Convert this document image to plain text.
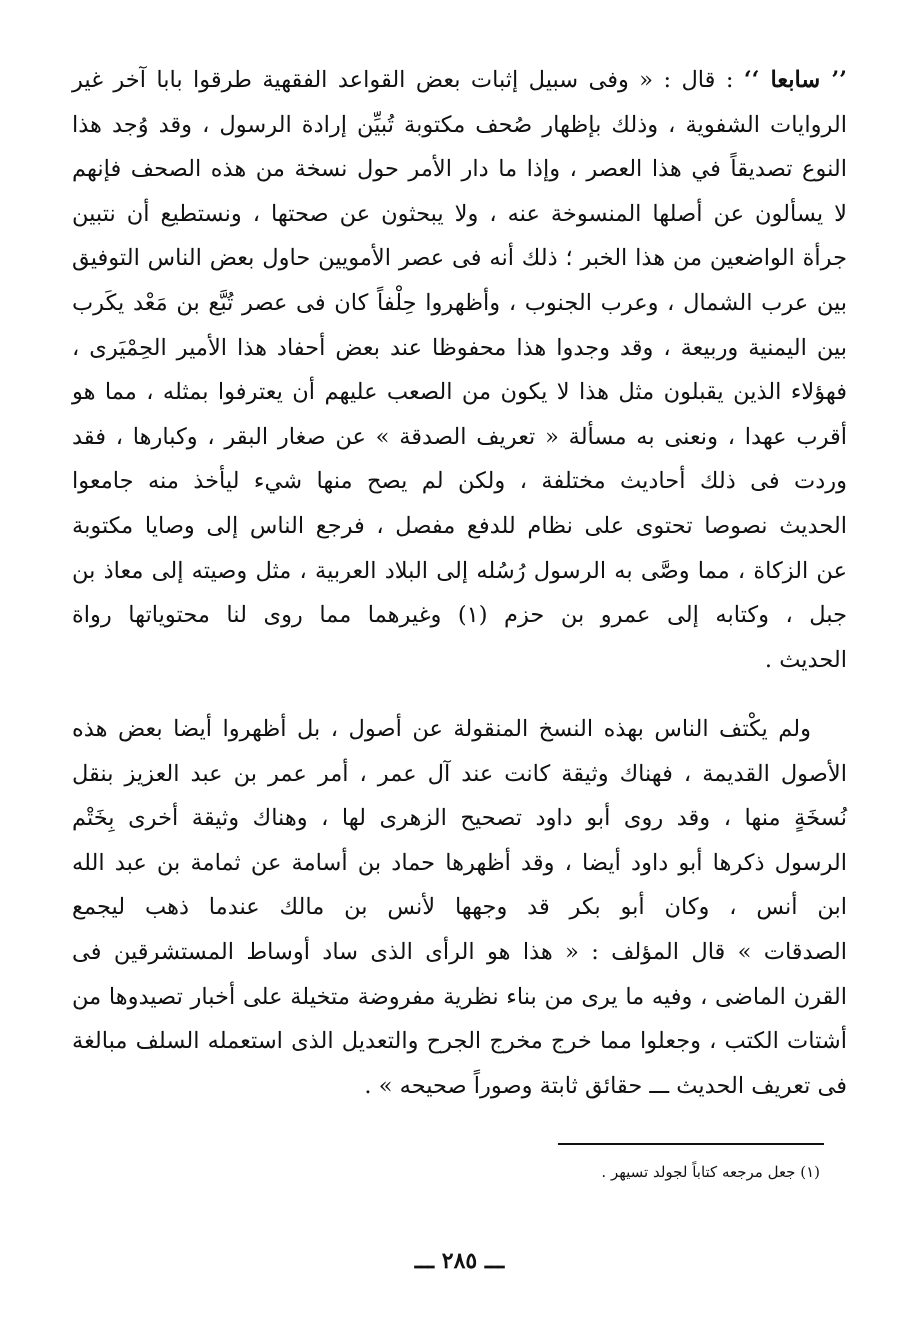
’’ سابعا ‘‘ : قال : « وفى سبيل إثبات بعض القواعد الفقهية طرقوا بابا آخر غير
الروايات الشفوية ، وذلك بإظهار صُحف مكتوبة تُبيِّن إرادة الرسول ، وقد وُجد هذا
النوع تصديقاً في هذا العصر ، وإذا ما دار الأمر حول نسخة من هذه الصحف فإنهم
لا يسألون عن أصلها المنسوخة عنه ، ولا يبحثون عن صحتها ، ونستطيع أن نتبين
جرأة الواضعين من هذا الخبر ؛ ذلك أنه فى عصر الأمويين حاول بعض الناس التوفيق
بين عرب الشمال ، وعرب الجنوب ، وأظهروا حِلْفاً كان فى عصر تُبَّع بن مَعْد يكَرب
بين اليمنية وربيعة ، وقد وجدوا هذا محفوظا عند بعض أحفاد هذا الأمير الحِمْيَرى ،
فهؤلاء الذين يقبلون مثل هذا لا يكون من الصعب عليهم أن يعترفوا بمثله ، مما هو
أقرب عهدا ، ونعنى به مسألة « تعريف الصدقة » عن صغار البقر ، وكبارها ، فقد
وردت فى ذلك أحاديث مختلفة ، ولكن لم يصح منها شيء ليأخذ منه جامعوا
الحديث نصوصا تحتوى على نظام للدفع مفصل ، فرجع الناس إلى وصايا مكتوبة
عن الزكاة ، مما وصَّى به الرسول رُسُله إلى البلاد العربية ، مثل وصيته إلى معاذ بن
جبل ، وكتابه إلى عمرو بن حزم (١) وغيرهما مما روى لنا محتوياتها رواة
الحديث .
ولم يكْتف الناس بهذه النسخ المنقولة عن أصول ، بل أظهروا أيضا بعض هذه
الأصول القديمة ، فهناك وثيقة كانت عند آل عمر ، أمر عمر بن عبد العزيز بنقل
نُسخَةٍ منها ، وقد روى أبو داود تصحيح الزهرى لها ، وهناك وثيقة أخرى بِخَتْم
الرسول ذكرها أبو داود أيضا ، وقد أظهرها حماد بن أسامة عن ثمامة بن عبد الله
ابن أنس ، وكان أبو بكر قد وجهها لأنس بن مالك عندما ذهب ليجمع
الصدقات » قال المؤلف : « هذا هو الرأى الذى ساد أوساط المستشرقين فى
القرن الماضى ، وفيه ما يرى من بناء نظرية مفروضة متخيلة على أخبار تصيدوها من
أشتات الكتب ، وجعلوا مما خرج مخرج الجرح والتعديل الذى استعمله السلف مبالغة
فى تعريف الحديث ـــ حقائق ثابتة وصوراً صحيحه » .
(١) جعل مرجعه كتاباً لجولد تسيهر .
ـــ ٢٨٥ ـــ
